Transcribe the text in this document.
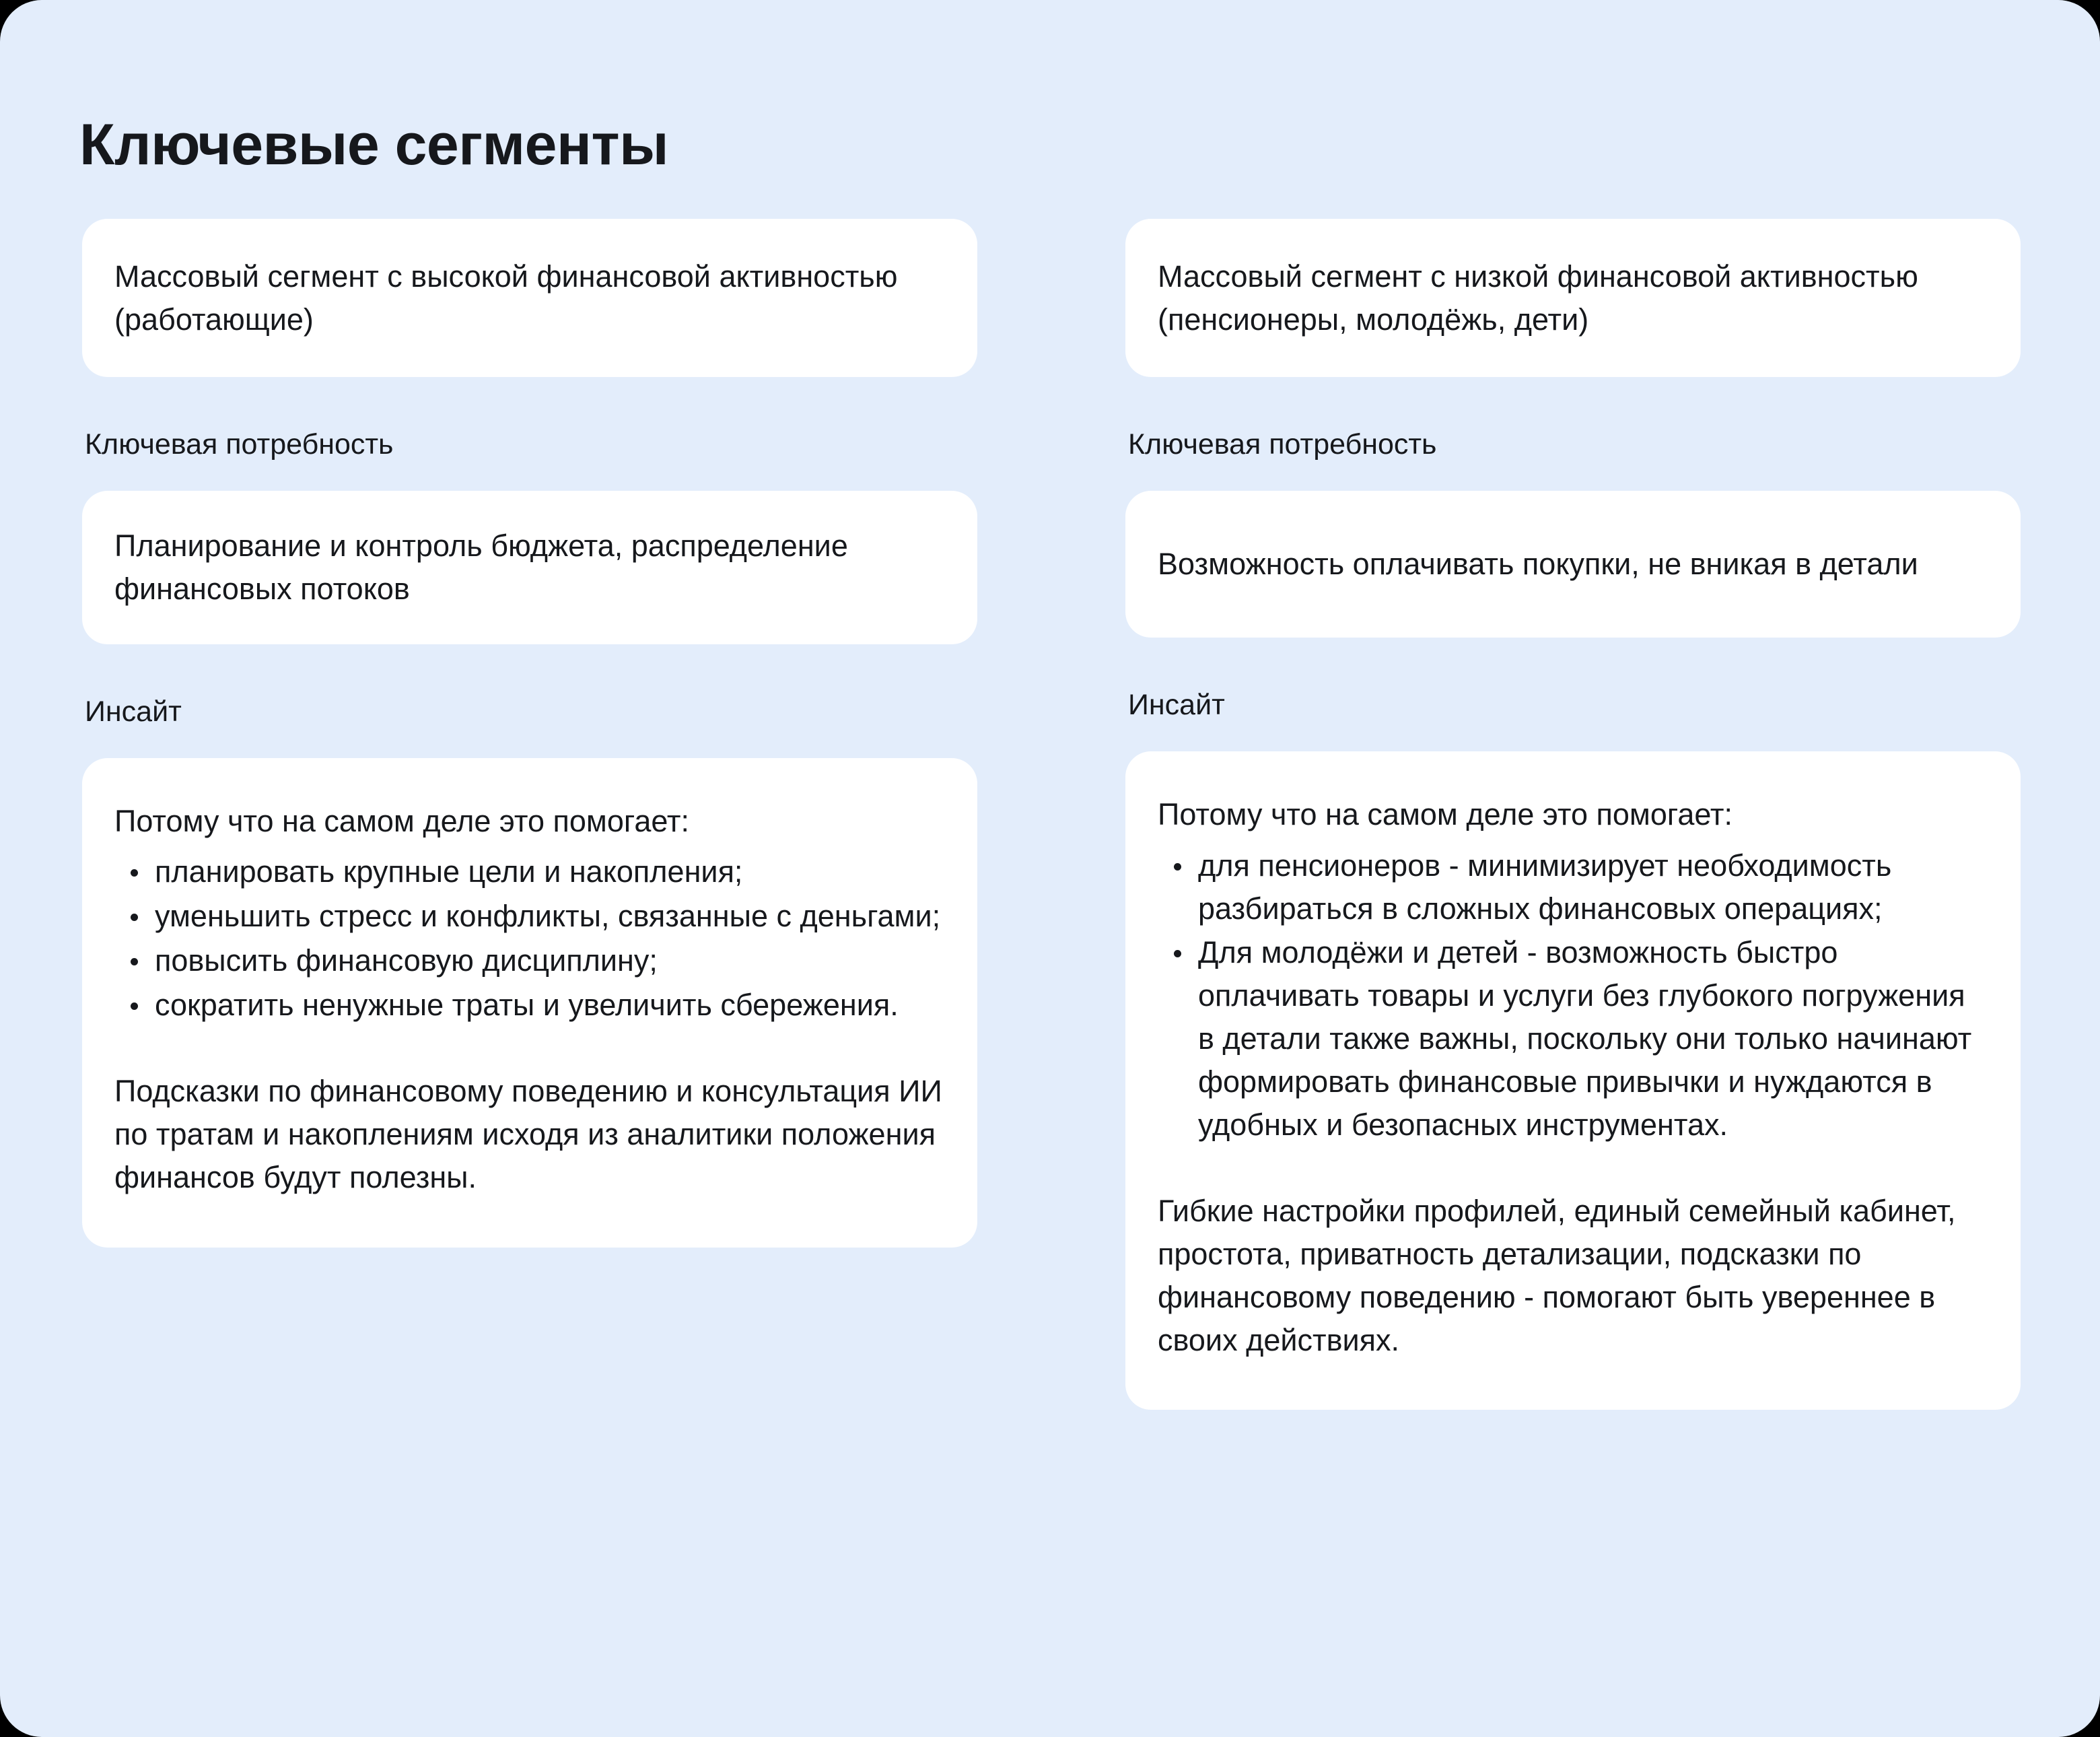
Ключевые сегменты

Массовый сегмент с высокой финансовой активностью (работающие)

Ключевая потребность

Планирование и контроль бюджета, распределение финансовых потоков

Инсайт

Потому что на самом деле это помогает:

планировать крупные цели и накопления;
уменьшить стресс и конфликты, связанные с деньгами;
повысить финансовую дисциплину;
сократить ненужные траты и увеличить сбережения.

Подсказки по финансовому поведению и консультация ИИ по тратам и накоплениям исходя из аналитики положения финансов будут полезны.

Массовый сегмент с низкой финансовой активностью (пенсионеры, молодёжь, дети)

Ключевая потребность

Возможность оплачивать покупки, не вникая в детали

Инсайт

Потому что на самом деле это помогает:

для пенсионеров - минимизирует необходимость разбираться в сложных финансовых операциях;
Для молодёжи и детей - возможность быстро оплачивать товары и услуги без глубокого погружения в детали также важны, поскольку они только начинают формировать финансовые привычки и нуждаются в удобных и безопасных инструментах.

Гибкие настройки профилей, единый семейный кабинет, простота, приватность детализации, подсказки по финансовому поведению - помогают быть увереннее в своих действиях.
